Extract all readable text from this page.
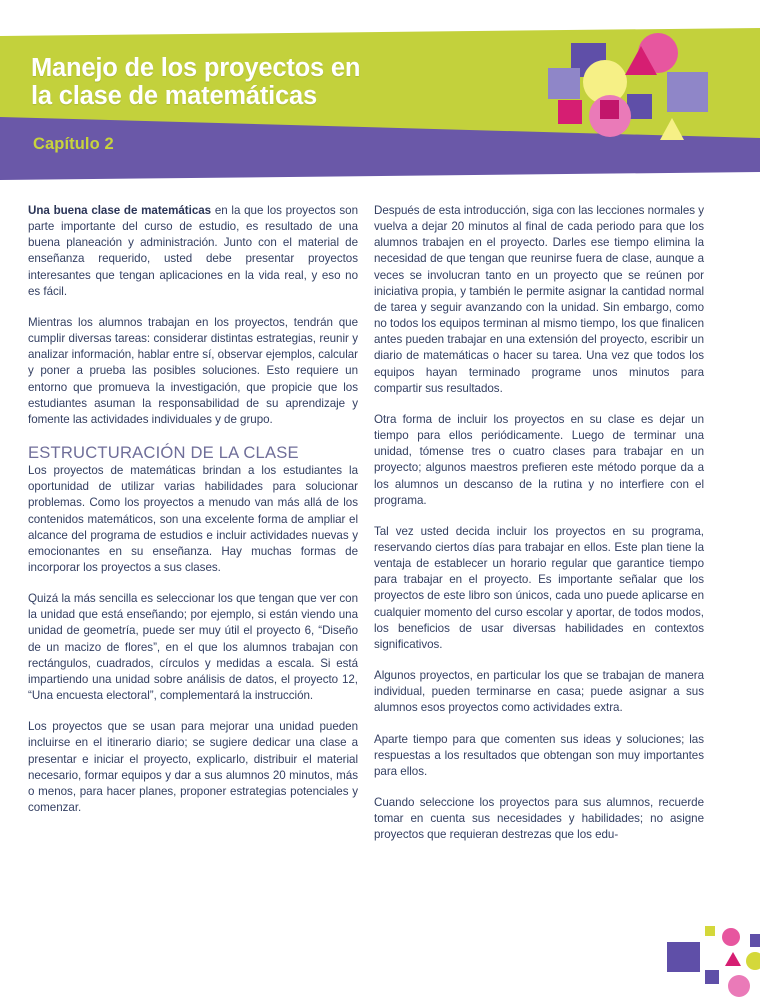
Manejo de los proyectos en
la clase de matemáticas
Capítulo 2

Una buena clase de matemáticas en la que los proyectos son parte importante del curso de estudio, es resultado de una buena planeación y administración. Junto con el material de enseñanza requerido, usted debe presentar proyectos interesantes que tengan aplicaciones en la vida real, y eso no es fácil.

Mientras los alumnos trabajan en los proyectos, tendrán que cumplir diversas tareas: considerar distintas estrategias, reunir y analizar información, hablar entre sí, observar ejemplos, calcular y poner a prueba las posibles soluciones. Esto requiere un entorno que promueva la investigación, que propicie que los estudiantes asuman la responsabilidad de su aprendizaje y fomente las actividades individuales y de grupo.

ESTRUCTURACIÓN DE LA CLASE

Los proyectos de matemáticas brindan a los estudiantes la oportunidad de utilizar varias habilidades para solucionar problemas. Como los proyectos a menudo van más allá de los contenidos matemáticos, son una excelente forma de ampliar el alcance del programa de estudios e incluir actividades nuevas y emocionantes en su enseñanza. Hay muchas formas de incorporar los proyectos a sus clases.

Quizá la más sencilla es seleccionar los que tengan que ver con la unidad que está enseñando; por ejemplo, si están viendo una unidad de geometría, puede ser muy útil el proyecto 6, “Diseño de un macizo de flores”, en el que los alumnos trabajan con rectángulos, cuadrados, círculos y medidas a escala. Si está impartiendo una unidad sobre análisis de datos, el proyecto 12, “Una encuesta electoral”, complementará la instrucción.

Los proyectos que se usan para mejorar una unidad pueden incluirse en el itinerario diario; se sugiere dedicar una clase a presentar e iniciar el proyecto, explicarlo, distribuir el material necesario, formar equipos y dar a sus alumnos 20 minutos, más o menos, para hacer planes, proponer estrategias potenciales y comenzar.

Después de esta introducción, siga con las lecciones normales y vuelva a dejar 20 minutos al final de cada periodo para que los alumnos trabajen en el proyecto. Darles ese tiempo elimina la necesidad de que tengan que reunirse fuera de clase, aunque a veces se involucran tanto en un proyecto que se reúnen por iniciativa propia, y también le permite asignar la cantidad normal de tarea y seguir avanzando con la unidad. Sin embargo, como no todos los equipos terminan al mismo tiempo, los que finalicen antes pueden trabajar en una extensión del proyecto, escribir un diario de matemáticas o hacer su tarea. Una vez que todos los equipos hayan terminado programe unos minutos para compartir sus resultados.

Otra forma de incluir los proyectos en su clase es dejar un tiempo para ellos periódicamente. Luego de terminar una unidad, tómense tres o cuatro clases para trabajar en un proyecto; algunos maestros prefieren este método porque da a los alumnos un descanso de la rutina y no interfiere con el programa.

Tal vez usted decida incluir los proyectos en su programa, reservando ciertos días para trabajar en ellos. Este plan tiene la ventaja de establecer un horario regular que garantice tiempo para trabajar en el proyecto. Es importante señalar que los proyectos de este libro son únicos, cada uno puede aplicarse en cualquier momento del curso escolar y aportar, de todos modos, los beneficios de usar diversas habilidades en contextos significativos.

Algunos proyectos, en particular los que se trabajan de manera individual, pueden terminarse en casa; puede asignar a sus alumnos esos proyectos como actividades extra.

Aparte tiempo para que comenten sus ideas y soluciones; las respuestas a los resultados que obtengan son muy importantes para ellos.

Cuando seleccione los proyectos para sus alumnos, recuerde tomar en cuenta sus necesidades y habilidades; no asigne proyectos que requieran destrezas que los edu-

21
